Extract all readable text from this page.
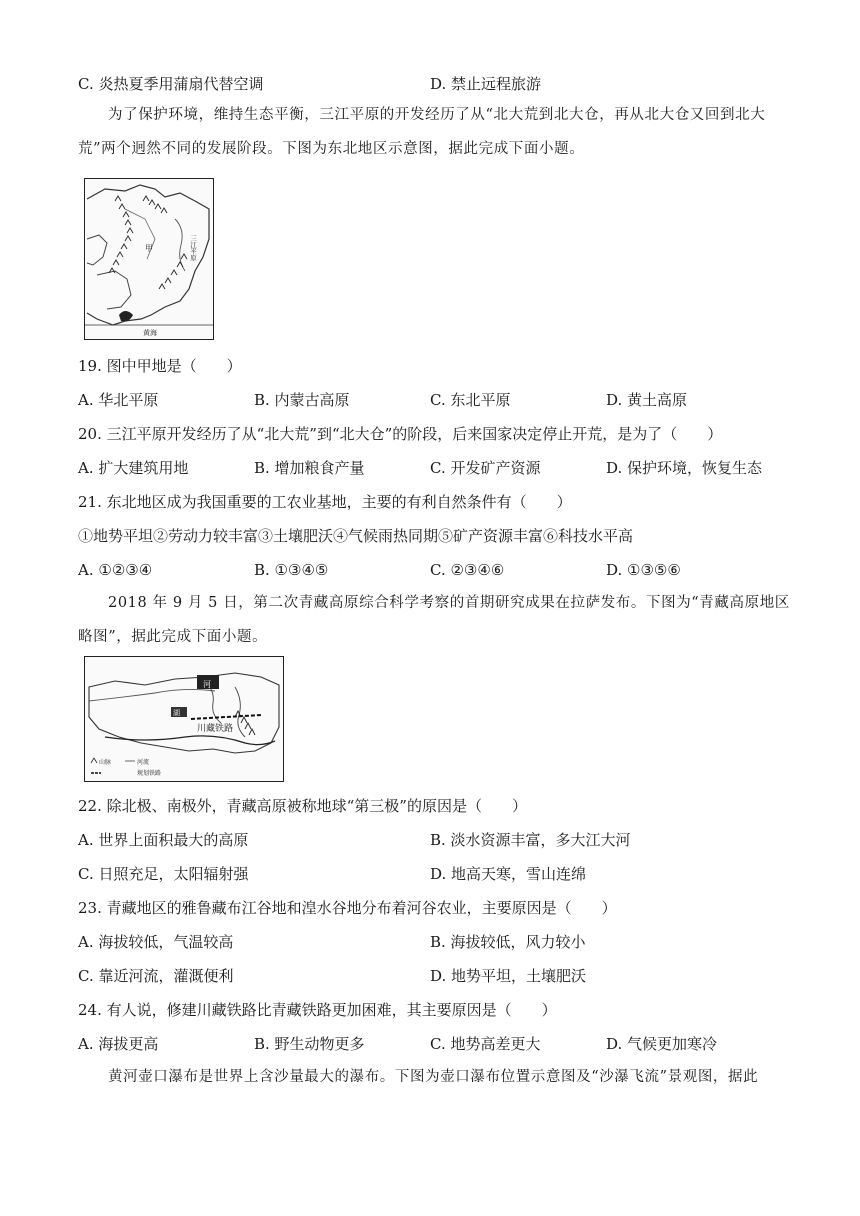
C. 炎热夏季用蒲扇代替空调	D. 禁止远程旅游
为了保护环境，维持生态平衡，三江平原的开发经历了从“北大荒到北大仓，再从北大仓又回到北大荒”两个迥然不同的发展阶段。下图为东北地区示意图，据此完成下面小题。
甲	三江平原
黄海
19. 图中甲地是（　　）
A. 华北平原	B. 内蒙古高原	C. 东北平原	D. 黄土高原
20. 三江平原开发经历了从“北大荒”到“北大仓”的阶段，后来国家决定停止开荒，是为了（　　）
A. 扩大建筑用地	B. 增加粮食产量	C. 开发矿产资源	D. 保护环境，恢复生态
21. 东北地区成为我国重要的工农业基地，主要的有利自然条件有（　　）
①地势平坦②劳动力较丰富③土壤肥沃④气候雨热同期⑤矿产资源丰富⑥科技水平高
A. ①②③④	B. ①③④⑤	C. ②③④⑥	D. ①③⑤⑥
2018 年 9 月 5 日，第二次青藏高原综合科学考察的首期研究成果在拉萨发布。下图为“青藏高原地区略图”，据此完成下面小题。
河
湖
川藏铁路
山脉	河流
规划铁路
22. 除北极、南极外，青藏高原被称地球“第三极”的原因是（　　）
A. 世界上面积最大的高原	B. 淡水资源丰富，多大江大河
C. 日照充足，太阳辐射强	D. 地高天寒，雪山连绵
23. 青藏地区的雅鲁藏布江谷地和湟水谷地分布着河谷农业，主要原因是（　　）
A. 海拔较低，气温较高	B. 海拔较低，风力较小
C. 靠近河流，灌溉便利	D. 地势平坦，土壤肥沃
24. 有人说，修建川藏铁路比青藏铁路更加困难，其主要原因是（　　）
A. 海拔更高	B. 野生动物更多	C. 地势高差更大	D. 气候更加寒冷
黄河壶口瀑布是世界上含沙量最大的瀑布。下图为壶口瀑布位置示意图及“沙瀑飞流”景观图，据此
